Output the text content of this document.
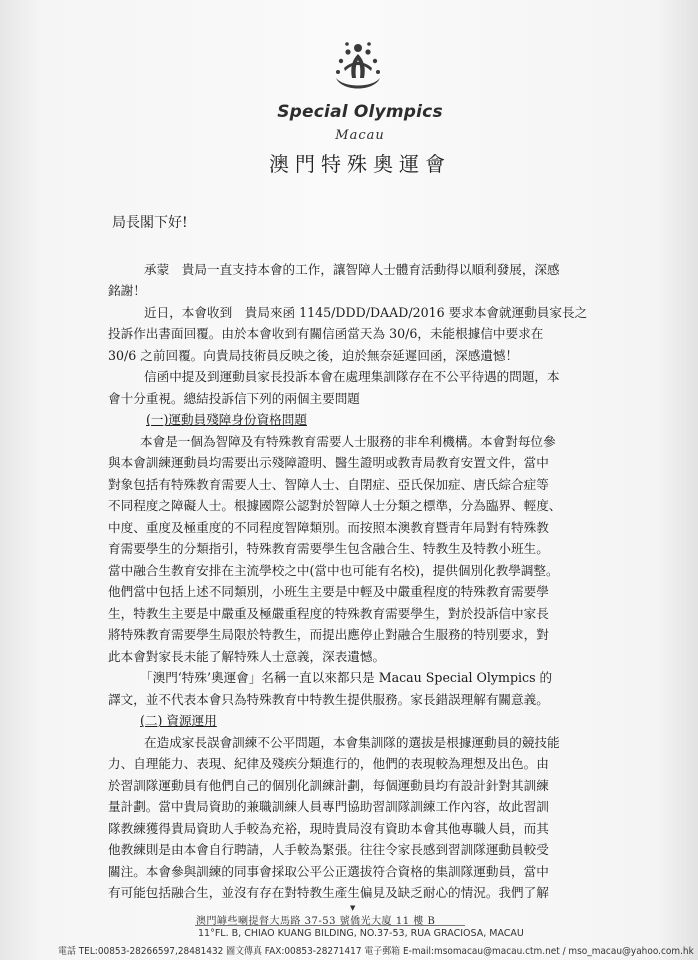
Special Olympics
Macau
澳門特殊奧運會
局長閣下好!
承蒙　貴局一直支持本會的工作，讓智障人士體育活動得以順利發展，深感
銘謝！
近日，本會收到　貴局來函 1145/DDD/DAAD/2016 要求本會就運動員家長之
投訴作出書面回覆。由於本會收到有關信函當天為 30/6，未能根據信中要求在
30/6 之前回覆。向貴局技術員反映之後，迫於無奈延遲回函，深感遺憾！
信函中提及到運動員家長投訴本會在處理集訓隊存在不公平待遇的問題，本
會十分重視。總結投訴信下列的兩個主要問題
(一)運動員殘障身份資格問題
本會是一個為智障及有特殊教育需要人士服務的非牟利機構。本會對每位參
與本會訓練運動員均需要出示殘障證明、醫生證明或教青局教育安置文件，當中
對象包括有特殊教育需要人士、智障人士、自閉症、亞氏保加症、唐氏綜合症等
不同程度之障礙人士。根據國際公認對於智障人士分類之標準，分為臨界、輕度、
中度、重度及極重度的不同程度智障類別。而按照本澳教育暨青年局對有特殊教
育需要學生的分類指引，特殊教育需要學生包含融合生、特教生及特教小班生。
當中融合生教育安排在主流學校之中(當中也可能有名校)，提供個別化教學調整。
他們當中包括上述不同類別，小班生主要是中輕及中嚴重程度的特殊教育需要學
生，特教生主要是中嚴重及極嚴重程度的特殊教育需要學生，對於投訴信中家長
將特殊教育需要學生局限於特教生，而提出應停止對融合生服務的特別要求，對
此本會對家長未能了解特殊人士意義，深表遺憾。
「澳門‘特殊’奧運會」名稱一直以來都只是 Macau Special Olympics 的
譯文，並不代表本會只為特殊教育中特教生提供服務。家長錯誤理解有關意義。
(二) 資源運用
在造成家長誤會訓練不公平問題，本會集訓隊的選拔是根據運動員的競技能
力、自理能力、表現、紀律及殘疾分類進行的，他們的表現較為理想及出色。由
於習訓隊運動員有他們自己的個別化訓練計劃，每個運動員均有設計針對其訓練
量計劃。當中貴局資助的兼職訓練人員專門協助習訓隊訓練工作內容，故此習訓
隊教練獲得貴局資助人手較為充裕，現時貴局沒有資助本會其他專職人員，而其
他教練則是由本會自行聘請，人手較為緊張。往往令家長感到習訓隊運動員較受
關注。本會參與訓練的同事會採取公平公正選拔符合資格的集訓隊運動員，當中
有可能包括融合生，並沒有存在對特教生產生偏見及缺乏耐心的情況。我們了解
▼
澳門罅些喇提督大馬路 37-53 號僑光大廈 11 樓 B
11°FL. B, CHIAO KUANG BILDING, NO.37-53, RUA GRACIOSA, MACAU
電話 TEL:00853-28266597,28481432 圖文傳真 FAX:00853-28271417 電子郵箱 E-mail:msomacau@macau.ctm.net / mso_macau@yahoo.com.hk
